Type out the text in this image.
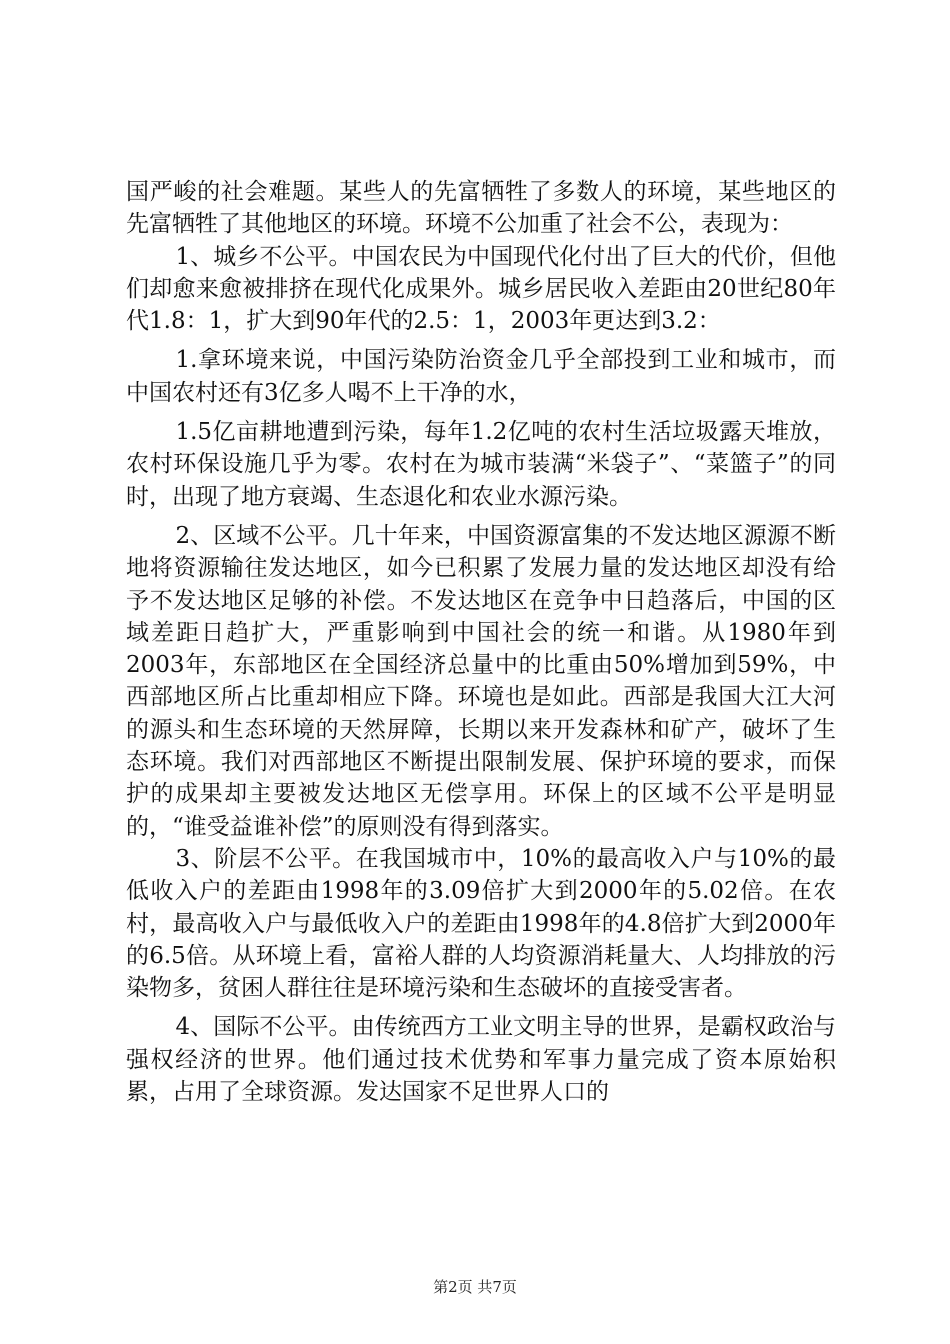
国严峻的社会难题。某些人的先富牺牲了多数人的环境，某些地区的先富牺牲了其他地区的环境。环境不公加重了社会不公，表现为：

1、城乡不公平。中国农民为中国现代化付出了巨大的代价，但他们却愈来愈被排挤在现代化成果外。城乡居民收入差距由20世纪80年代1.8：1，扩大到90年代的2.5：1，2003年更达到3.2：

1.拿环境来说，中国污染防治资金几乎全部投到工业和城市，而中国农村还有3亿多人喝不上干净的水，

1.5亿亩耕地遭到污染，每年1.2亿吨的农村生活垃圾露天堆放，农村环保设施几乎为零。农村在为城市装满“米袋子”、“菜篮子”的同时，出现了地方衰竭、生态退化和农业水源污染。

2、区域不公平。几十年来，中国资源富集的不发达地区源源不断地将资源输往发达地区，如今已积累了发展力量的发达地区却没有给予不发达地区足够的补偿。不发达地区在竞争中日趋落后，中国的区域差距日趋扩大，严重影响到中国社会的统一和谐。从1980年到2003年，东部地区在全国经济总量中的比重由50%增加到59%，中西部地区所占比重却相应下降。环境也是如此。西部是我国大江大河的源头和生态环境的天然屏障，长期以来开发森林和矿产，破坏了生态环境。我们对西部地区不断提出限制发展、保护环境的要求，而保护的成果却主要被发达地区无偿享用。环保上的区域不公平是明显的，“谁受益谁补偿”的原则没有得到落实。

3、阶层不公平。在我国城市中，10%的最高收入户与10%的最低收入户的差距由1998年的3.09倍扩大到2000年的5.02倍。在农村，最高收入户与最低收入户的差距由1998年的4.8倍扩大到2000年的6.5倍。从环境上看，富裕人群的人均资源消耗量大、人均排放的污染物多，贫困人群往往是环境污染和生态破坏的直接受害者。

4、国际不公平。由传统西方工业文明主导的世界，是霸权政治与强权经济的世界。他们通过技术优势和军事力量完成了资本原始积累，占用了全球资源。发达国家不足世界人口的

第2页 共7页
